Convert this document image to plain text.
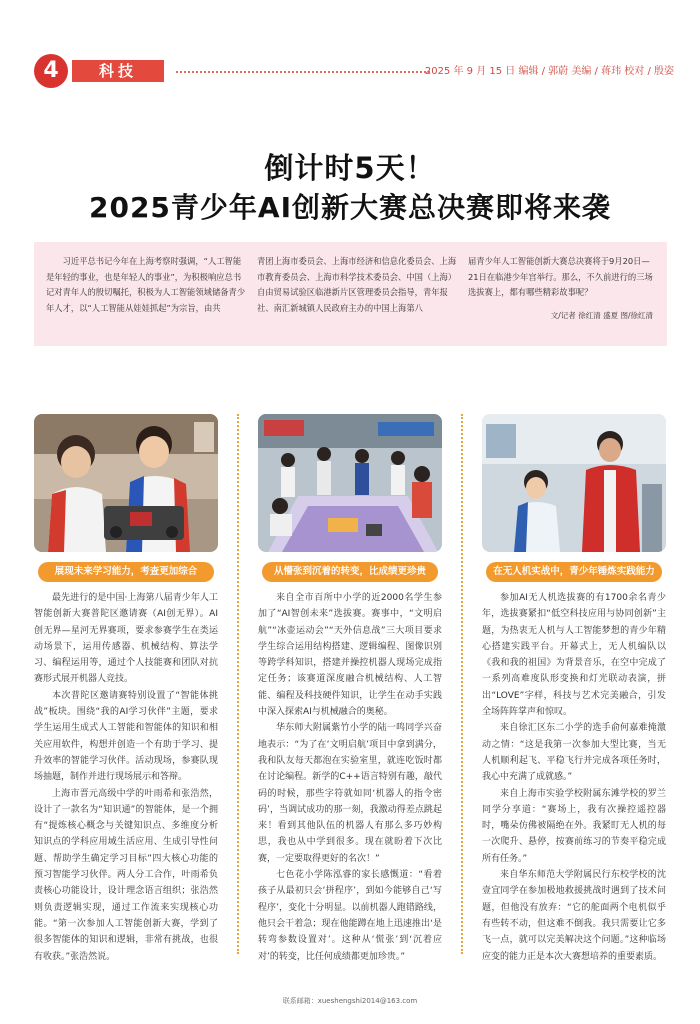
4	科技	2025 年 9 月 15 日 编辑 / 郭蔚 美编 / 蒋玮 校对 / 殷姿
倒计时5天！
2025青少年AI创新大赛总决赛即将来袭

习近平总书记今年在上海考察时强调，“人工智能是年轻的事业，也是年轻人的事业”，为积极响应总书记对青年人的殷切嘱托，积极为人工智能领域储备青少年人才，以“人工智能从娃娃抓起”为宗旨，由共

青团上海市委员会、上海市经济和信息化委员会、上海市教育委员会、上海市科学技术委员会、中国（上海）自由贸易试验区临港新片区管理委员会指导，青年报社、南汇新城镇人民政府主办的中国上海第八

届青少年人工智能创新大赛总决赛将于9月20日—21日在临港少年宫举行。那么，不久前进行的三场选拔赛上，都有哪些精彩故事呢？

文/记者 徐红清 盛夏 图/徐红清
展现未来学习能力，考查更加综合

最先进行的是中国·上海第八届青少年人工智能创新大赛普陀区邀请赛（AI创无界）。AI创无界—星河无界赛项，要求参赛学生在类运动场景下，运用传感器、机械结构、算法学习、编程运用等，通过个人技能赛和团队对抗赛形式展开机器人竞技。

本次普陀区邀请赛特别设置了“智能体挑战”板块。围绕“我的AI学习伙伴”主题，要求学生运用生成式人工智能和智能体的知识和相关应用软件，构想并创造一个有助于学习、提升效率的智能学习伙伴。活动现场，参赛队现场抽题，制作并进行现场展示和答辩。

上海市晋元高级中学的叶雨希和张浩然，设计了一款名为“知识通”的智能体，是一个拥有“提炼核心概念与关键知识点、多维度分析知识点的学科应用域生活应用、生成引导性问题、帮助学生确定学习目标”四大核心功能的预习智能学习伙伴。两人分工合作，叶雨希负责核心功能设计，设计理念语言组织；张浩然则负责逻辑实现，通过工作流来实现核心功能。“第一次参加人工智能创新大赛，学到了很多智能体的知识和逻辑，非常有挑战，也很有收获。”张浩然说。

从懵张到沉着的转变，比成绩更珍贵

来自全市百所中小学的近2000名学生参加了“AI智创未来”选拔赛。赛事中，“文明启航”“冰壶运动会”“天外信息战”三大项目要求学生综合运用结构搭建、逻辑编程、图像识别等跨学科知识，搭建并操控机器人现场完成指定任务；该赛道深度融合机械结构、人工智能、编程及科技硬件知识，让学生在动手实践中深入探索AI与机械融合的奥秘。

华东师大附属紫竹小学的陆一鸣同学兴奋地表示：“为了在‘文明启航’项目中拿到满分，我和队友每天都泡在实验室里，就连吃饭时都在讨论编程。新学的C++语言特别有趣，敲代码的时候，那些字符就如同‘机器人的指令密码’，当调试成功的那一刻，我激动得差点跳起来！看到其他队伍的机器人有那么多巧妙构思，我也从中学到很多。现在就盼着下次比赛，一定要取得更好的名次！”

七色花小学陈泓睿的家长感慨道：“看着孩子从最初只会‘拼程序’，到如今能够自己‘写程序’，变化十分明显。以前机器人跑错路线，他只会干着急；现在他能蹲在地上迅速推出‘是转弯参数设置对’。这种从‘慌张’到‘沉着应对’的转变，比任何成绩都更加珍贵。”

在无人机实战中，青少年锤炼实践能力

参加AI无人机选拔赛的有1700余名青少年，选拔赛紧扣“低空科技应用与协同创新”主题，为热衷无人机与人工智能梦想的青少年精心搭建实践平台。开幕式上，无人机编队以《我和我的祖国》为背景音乐，在空中完成了一系列高难度队形变换和灯光联动表演，拼出“LOVE”字样，科技与艺术完美融合，引发全场阵阵掌声和惊叹。

来自徐汇区东二小学的选手俞何嘉难掩激动之情：“这是我第一次参加大型比赛，当无人机顺利起飞、平稳飞行并完成各项任务时，我心中充满了成就感。”

来自上海市实验学校附属东滩学校的罗兰同学分享道：“赛场上，我有次操控遥控器时，嘴朵仿佛被隔绝在外。我紧盯无人机的每一次爬升、悬停，按赛前练习的节奏平稳完成所有任务。”

来自华东师范大学附属民行东校学校的沈壹宜同学在参加极地救援挑战时遇到了技术问题，但他没有放弃：“它的舵面两个电机似乎有些转不动，但这难不倒我。我只需要让它多飞一点，就可以完美解决这个问题。”这种临场应变的能力正是本次大赛想培养的重要素质。

联系邮箱：xueshengshi2014@163.com
